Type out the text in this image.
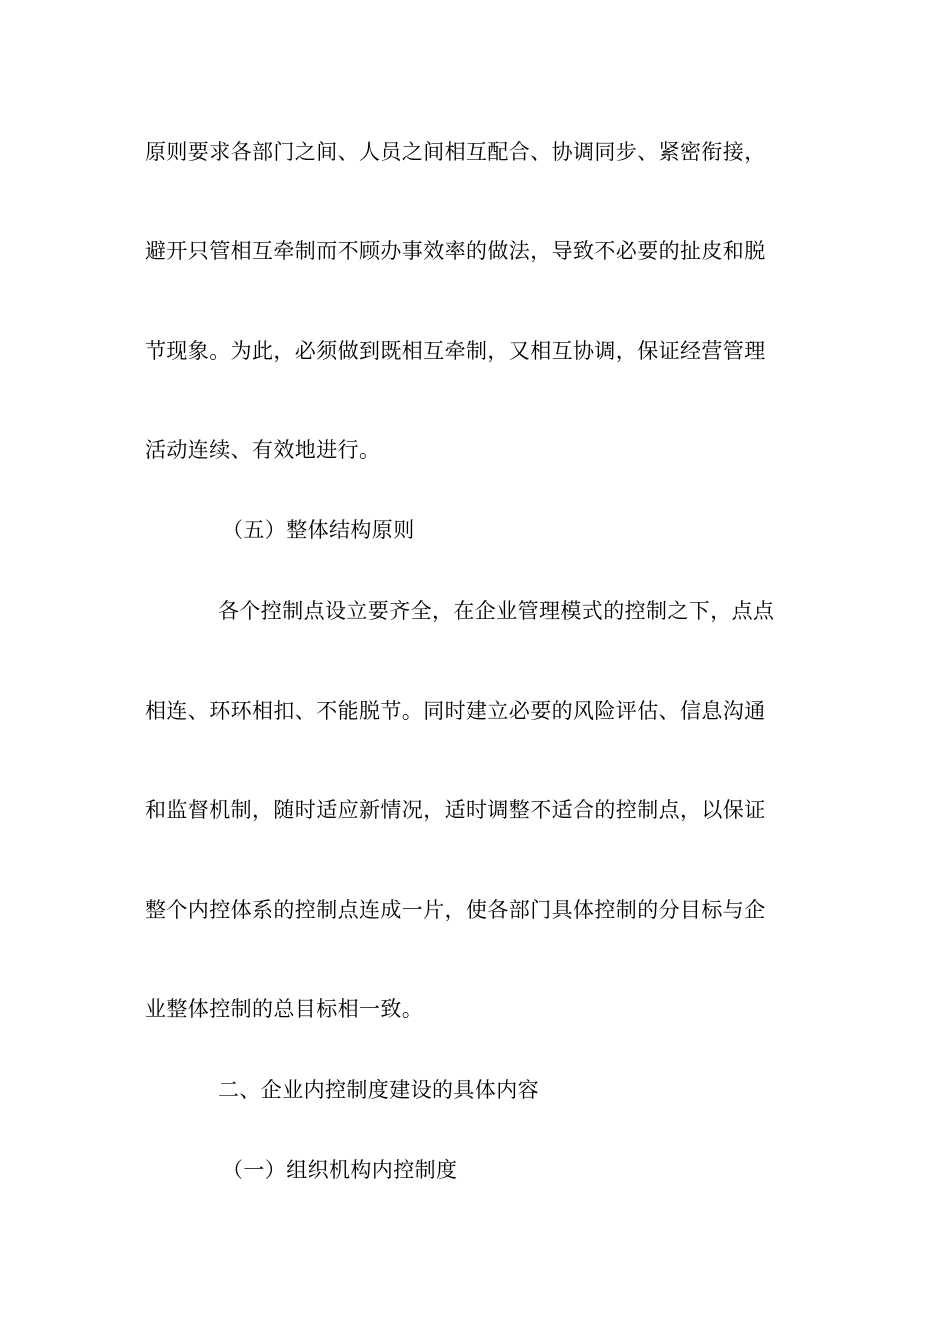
原则要求各部门之间、人员之间相互配合、协调同步、紧密衔接，
避开只管相互牵制而不顾办事效率的做法，导致不必要的扯皮和脱
节现象。为此，必须做到既相互牵制，又相互协调，保证经营管理
活动连续、有效地进行。
（五）整体结构原则
各个控制点设立要齐全，在企业管理模式的控制之下，点点
相连、环环相扣、不能脱节。同时建立必要的风险评估、信息沟通
和监督机制，随时适应新情况，适时调整不适合的控制点，以保证
整个内控体系的控制点连成一片，使各部门具体控制的分目标与企
业整体控制的总目标相一致。
二、企业内控制度建设的具体内容
（一）组织机构内控制度
